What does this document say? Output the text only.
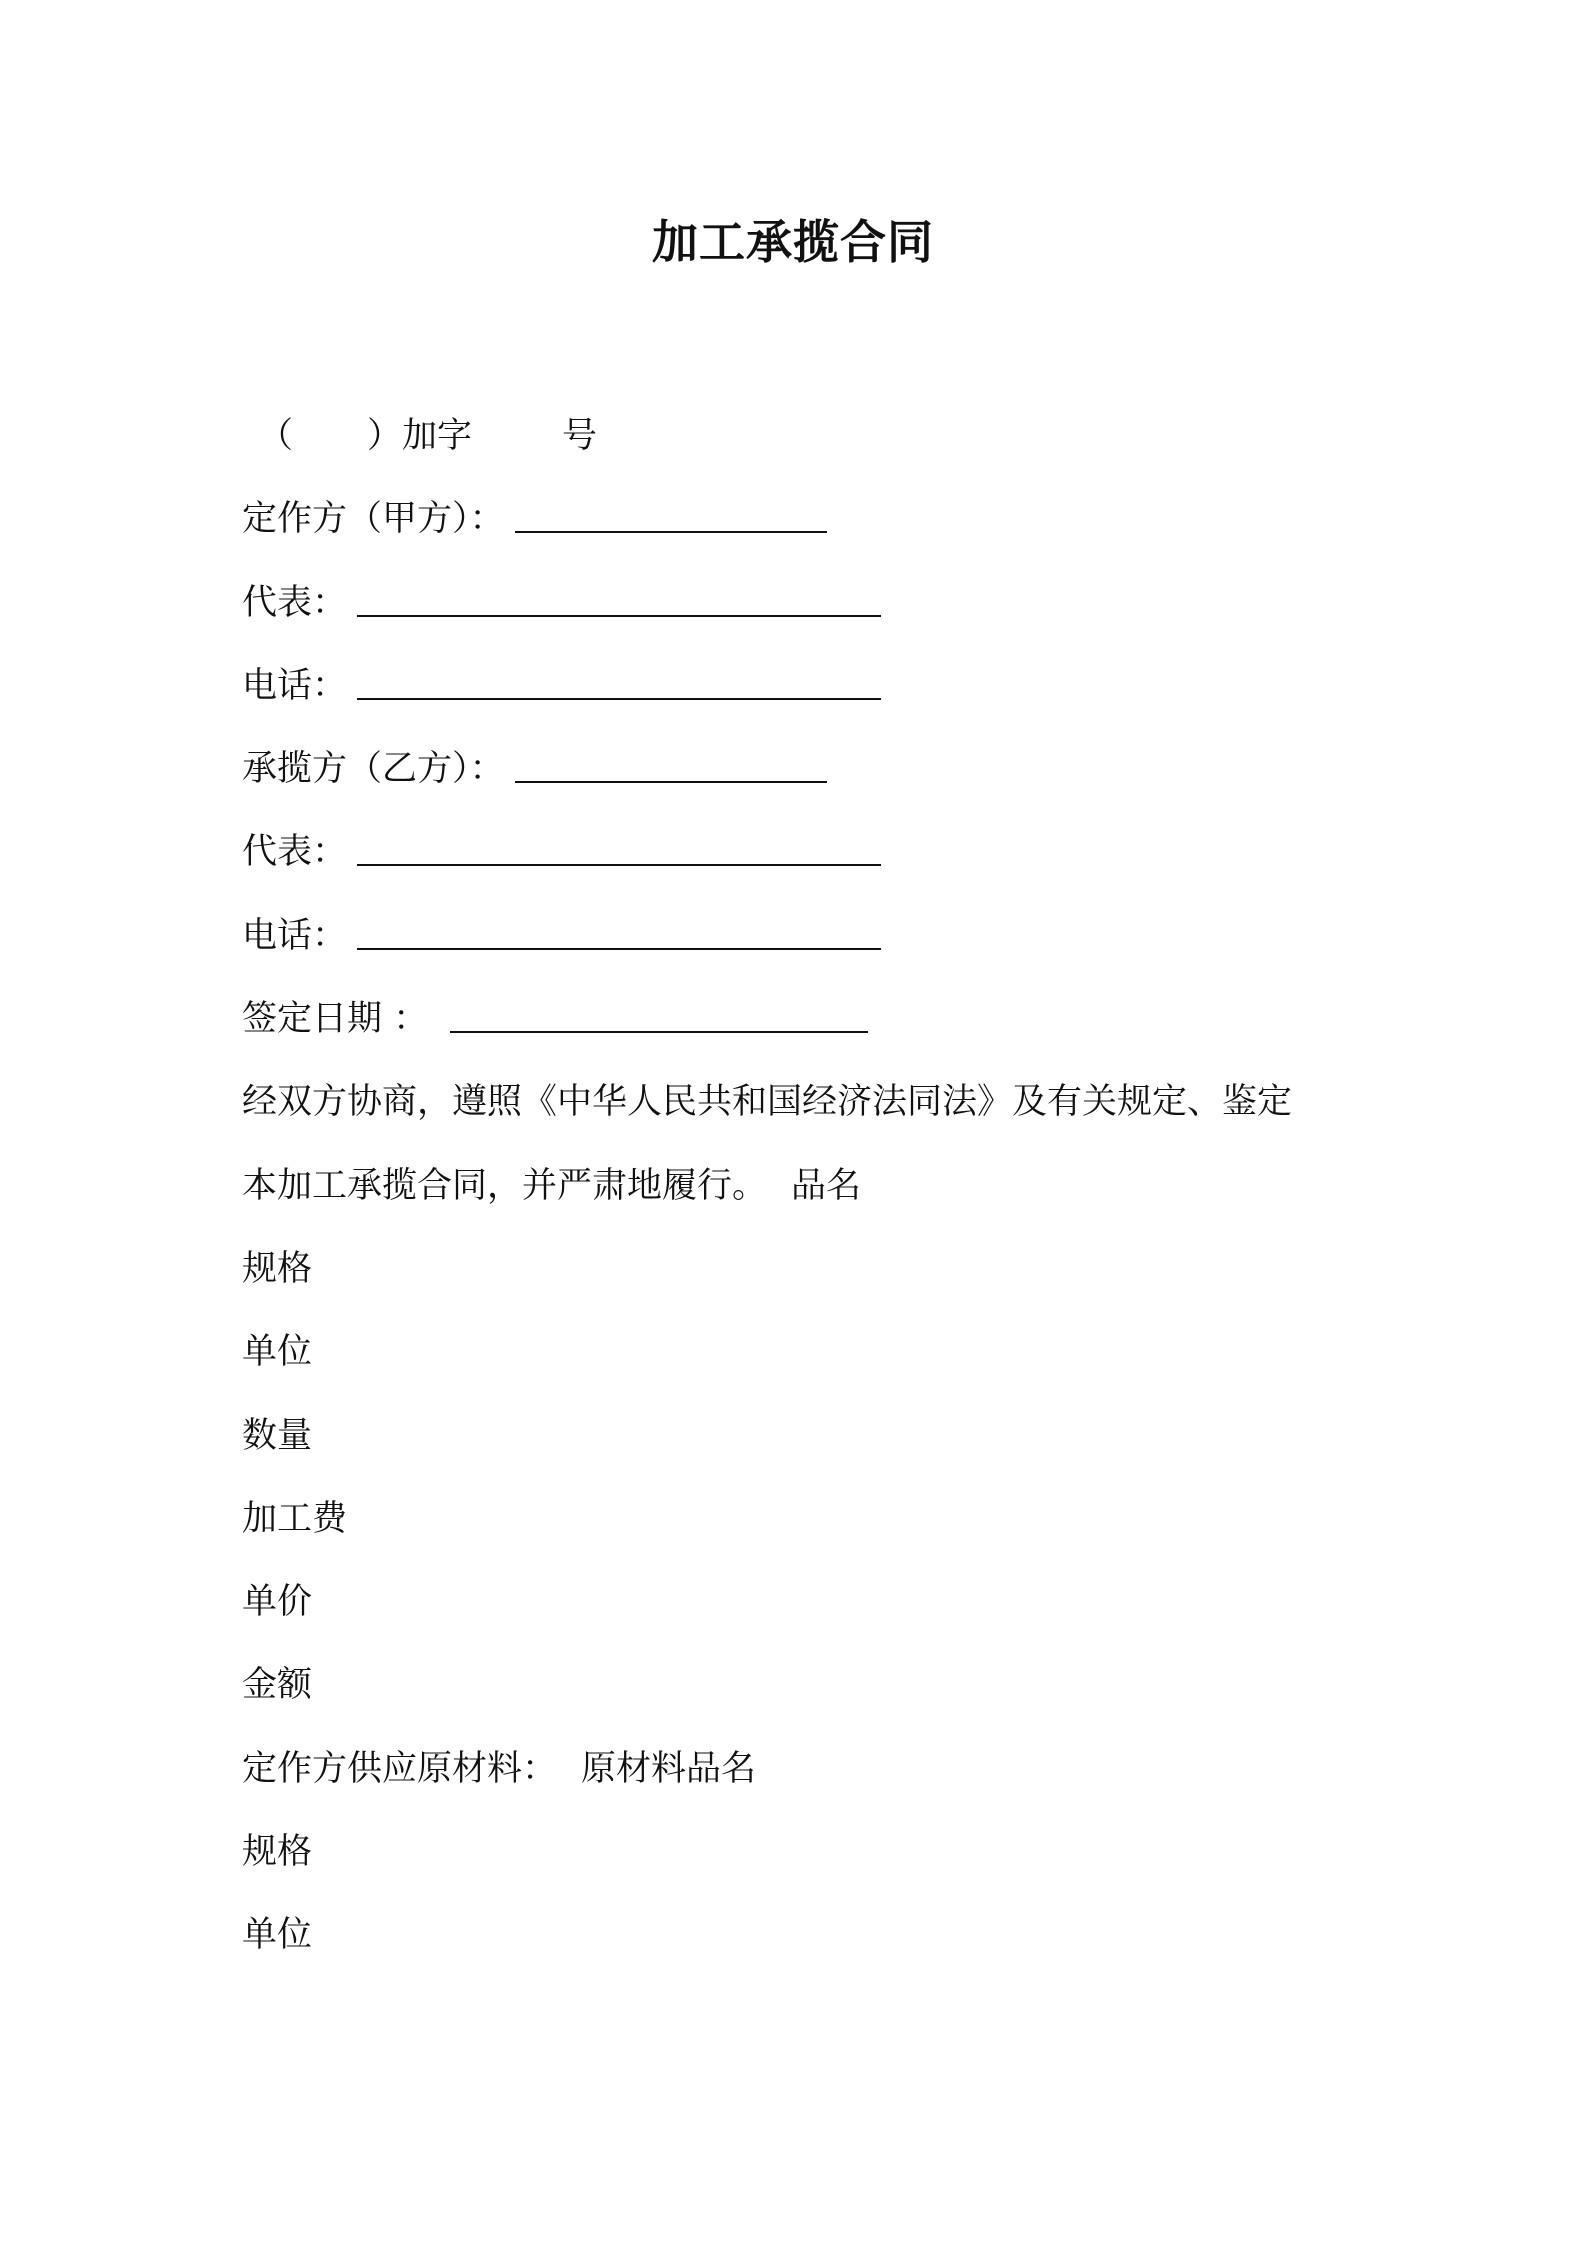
加工承揽合同
（ ）加字	号
定作方（甲方）：
代表：
电话：
承揽方（乙方）：
代表：
电话：
签定日期 ：
经双方协商，遵照《中华人民共和国经济法同法》及有关规定、鉴定
本加工承揽合同，并严肃地履行。 品名
规格
单位
数量
加工费
单价
金额
定作方供应原材料： 原材料品名
规格
单位
